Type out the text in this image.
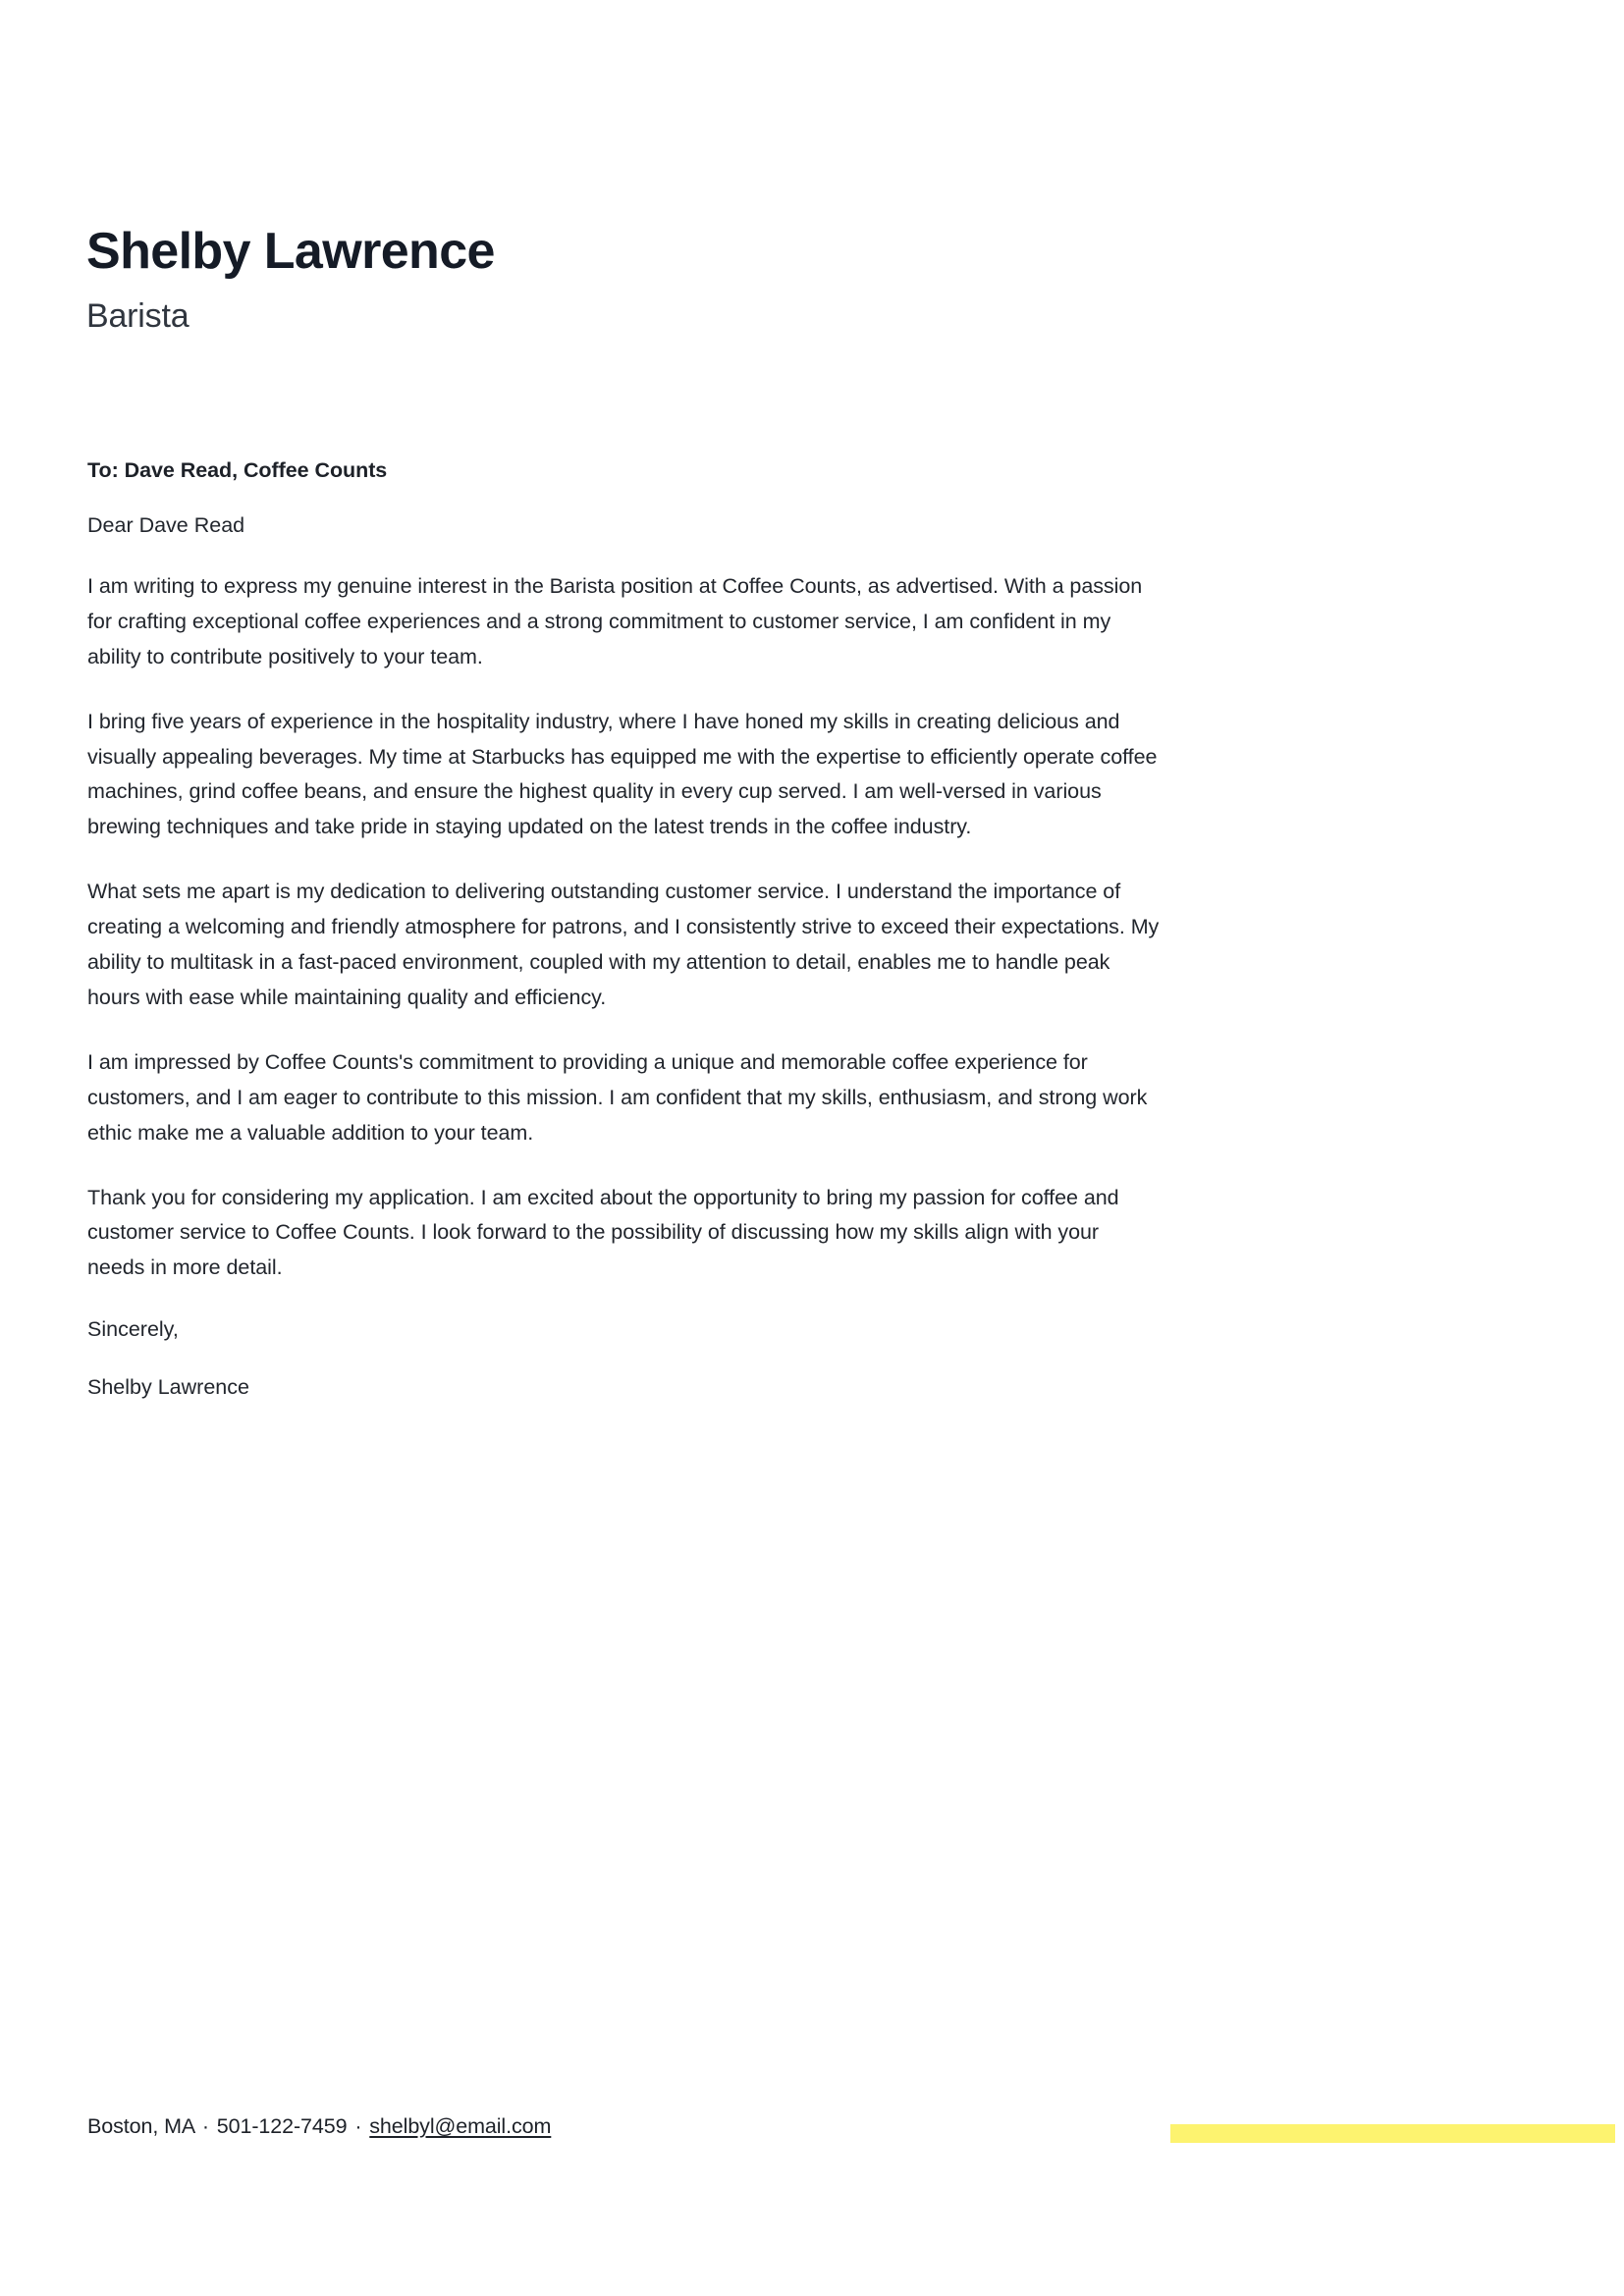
Shelby Lawrence

Barista

To: Dave Read, Coffee Counts

Dear Dave Read

I am writing to express my genuine interest in the Barista position at Coffee Counts, as advertised. With a passion for crafting exceptional coffee experiences and a strong commitment to customer service, I am confident in my ability to contribute positively to your team.

I bring five years of experience in the hospitality industry, where I have honed my skills in creating delicious and visually appealing beverages. My time at Starbucks has equipped me with the expertise to efficiently operate coffee machines, grind coffee beans, and ensure the highest quality in every cup served. I am well-versed in various brewing techniques and take pride in staying updated on the latest trends in the coffee industry.

What sets me apart is my dedication to delivering outstanding customer service. I understand the importance of creating a welcoming and friendly atmosphere for patrons, and I consistently strive to exceed their expectations. My ability to multitask in a fast-paced environment, coupled with my attention to detail, enables me to handle peak hours with ease while maintaining quality and efficiency.

I am impressed by Coffee Counts's commitment to providing a unique and memorable coffee experience for customers, and I am eager to contribute to this mission. I am confident that my skills, enthusiasm, and strong work ethic make me a valuable addition to your team.

Thank you for considering my application. I am excited about the opportunity to bring my passion for coffee and customer service to Coffee Counts. I look forward to the possibility of discussing how my skills align with your needs in more detail.

Sincerely,

Shelby Lawrence

Boston, MA · 501-122-7459 · shelbyl@email.com
